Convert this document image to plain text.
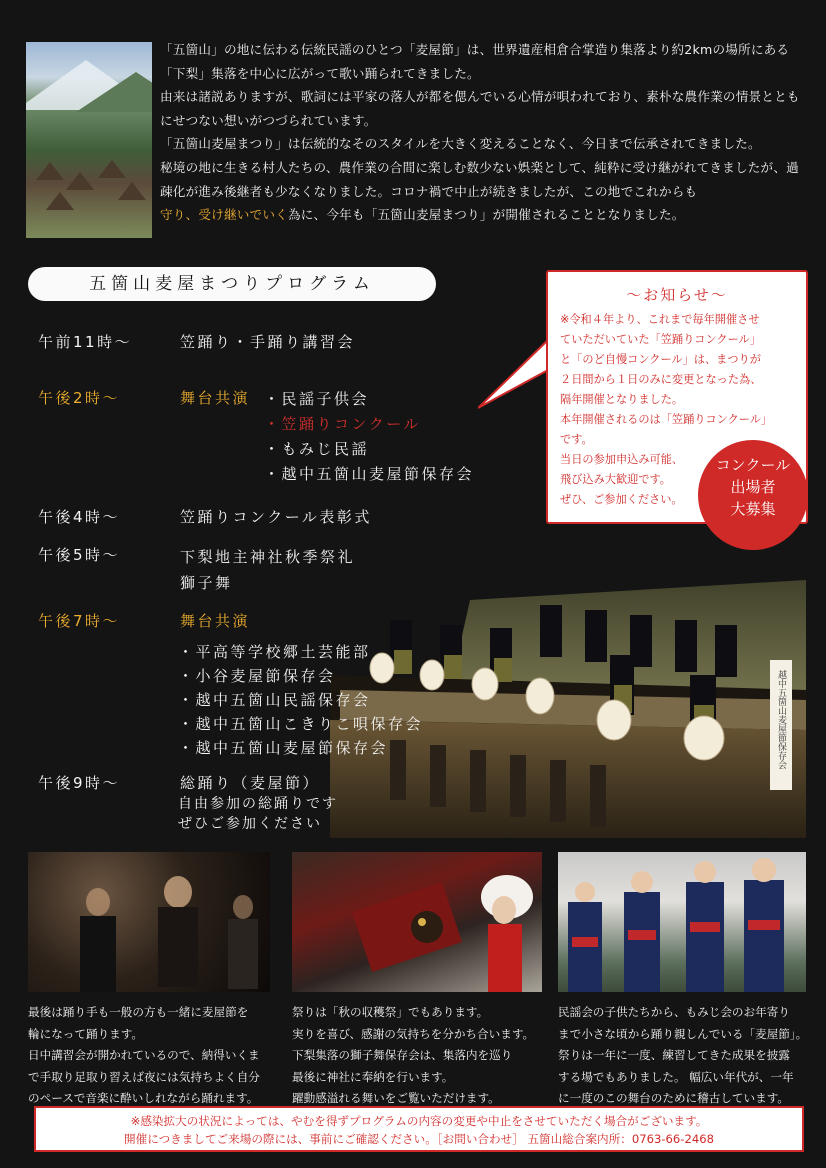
「五箇山」の地に伝わる伝統民謡のひとつ「麦屋節」は、世界遺産相倉合掌造り集落より約2kmの場所にある「下梨」集落を中心に広がって歌い踊られてきました。

由来は諸説ありますが、歌詞には平家の落人が都を偲んでいる心情が唄われており、素朴な農作業の情景とともにせつない想いがつづられています。

「五箇山麦屋まつり」は伝統的なそのスタイルを大きく変えることなく、今日まで伝承されてきました。

秘境の地に生きる村人たちの、農作業の合間に楽しむ数少ない娯楽として、純粋に受け継がれてきましたが、過疎化が進み後継者も少なくなりました。コロナ禍で中止が続きましたが、この地でこれからも

守り、受け継いでいく為に、今年も「五箇山麦屋まつり」が開催されることとなりました。

五箇山麦屋まつりプログラム
午前11時～	笠踊り・手踊り講習会
午後2時～	舞台共演 ・民謡子供会
・笠踊りコンクール
・もみじ民謡
・越中五箇山麦屋節保存会
午後4時～	笠踊りコンクール表彰式
午後5時～	下梨地主神社秋季祭礼
獅子舞
越中五箇山麦屋節保存会
午後7時～	舞台共演
・平高等学校郷土芸能部
・小谷麦屋節保存会
・越中五箇山民謡保存会
・越中五箇山こきりこ唄保存会
・越中五箇山麦屋節保存会
午後9時～	総踊り（麦屋節）
自由参加の総踊りです
ぜひご参加ください
～お知らせ～
※令和４年より、これまで毎年開催させ
ていただいていた「笠踊りコンクール」
と「のど自慢コンクール」は、まつりが
２日間から１日のみに変更となった為、
隔年開催となりました。
本年開催されるのは「笠踊りコンクール」
です。
当日の参加申込み可能、
飛び込み大歓迎です。
ぜひ、ご参加ください。
コンクール
出場者
大募集
最後は踊り手も一般の方も一緒に麦屋節を
輪になって踊ります。
日中講習会が開かれているので、納得いくま
で手取り足取り習えば夜には気持ちよく自分
のペースで音楽に酔いしれながら踊れます。
祭りは「秋の収穫祭」でもあります。
実りを喜び、感謝の気持ちを分かち合います。
下梨集落の獅子舞保存会は、集落内を巡り
最後に神社に奉納を行います。
躍動感溢れる舞いをご覧いただけます。
民謡会の子供たちから、もみじ会のお年寄り
まで小さな頃から踊り親しんでいる「麦屋節」。
祭りは一年に一度、練習してきた成果を披露
する場でもありました。 幅広い年代が、一年
に一度のこの舞台のために稽古しています。
※感染拡大の状況によっては、やむを得ずプログラムの内容の変更や中止をさせていただく場合がございます。
開催につきましてご来場の際には、事前にご確認ください。［お問い合わせ］ 五箇山総合案内所：0763-66-2468
